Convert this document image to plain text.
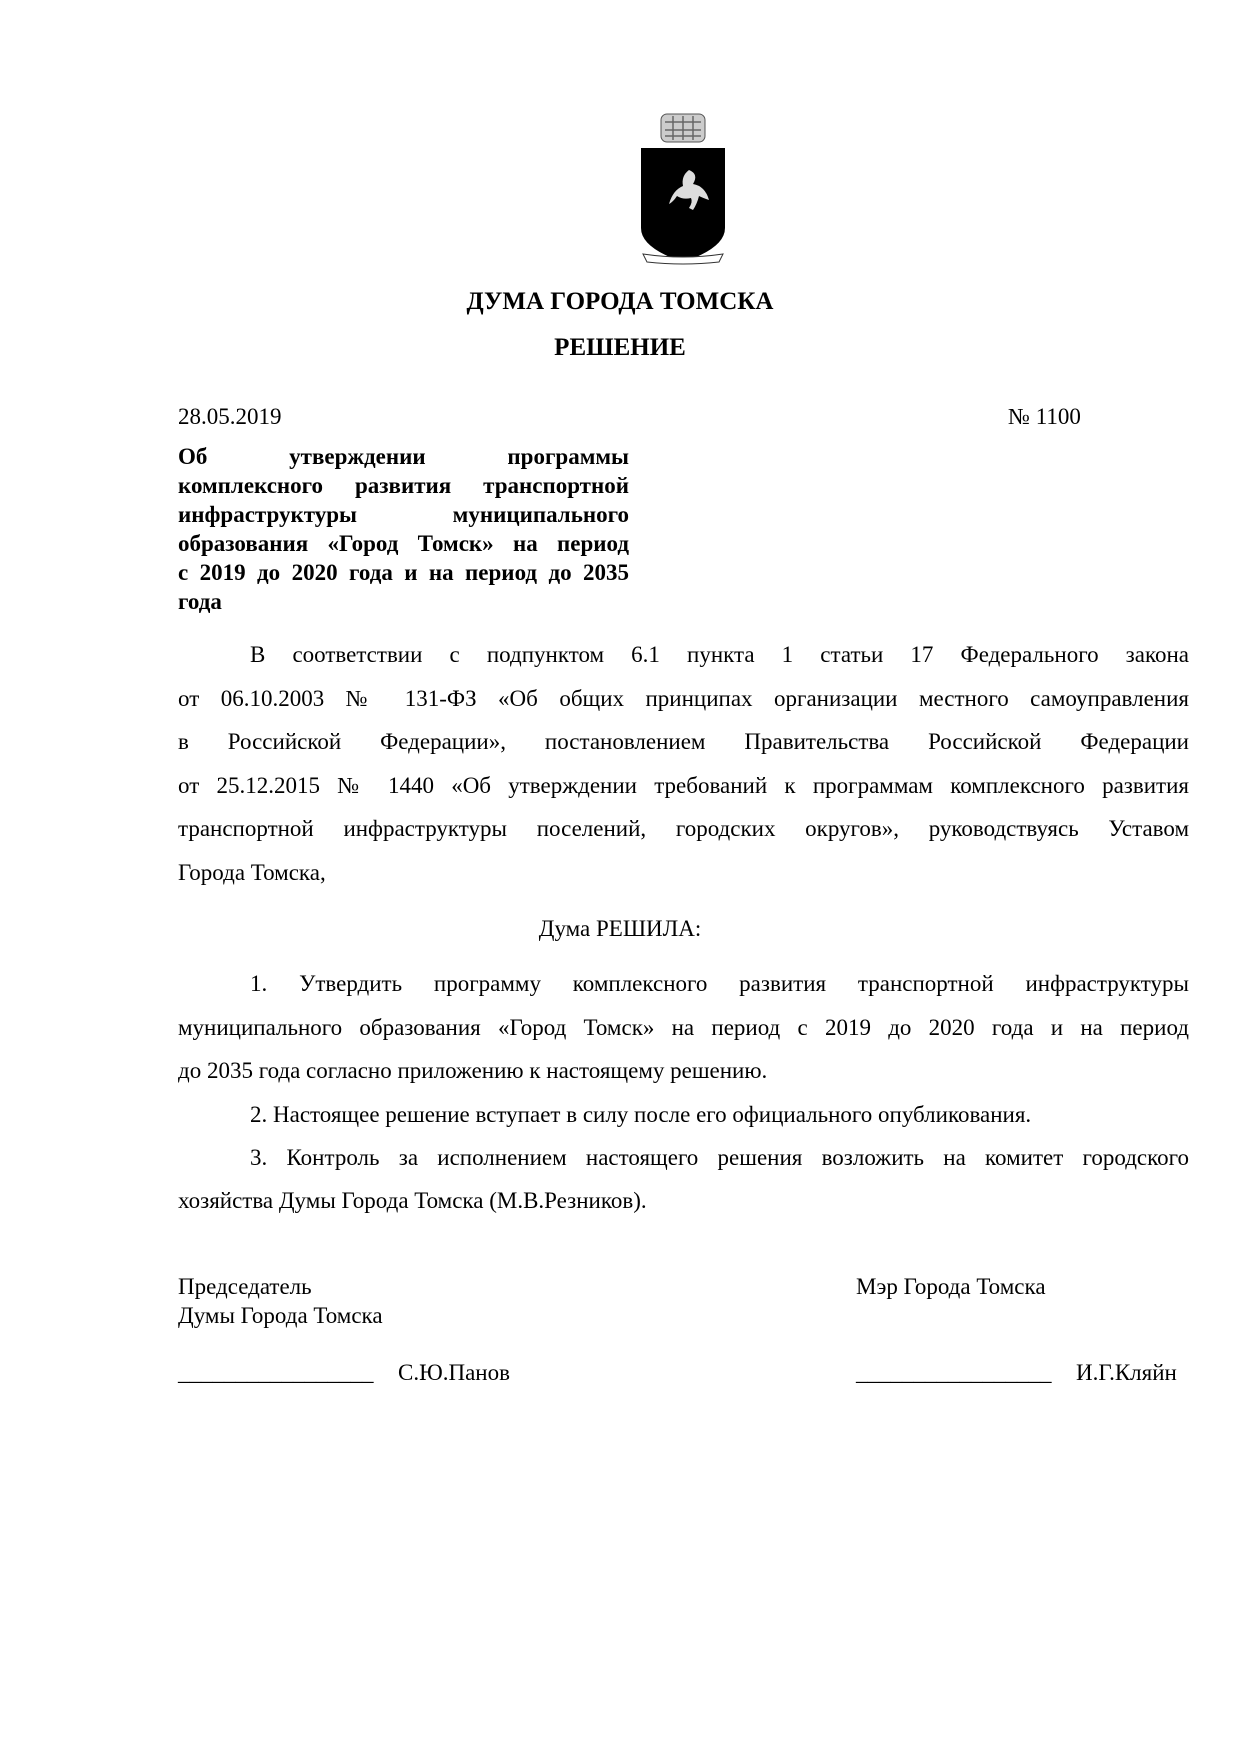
ДУМА ГОРОДА ТОМСКА
РЕШЕНИЕ
28.05.2019	№ 1100
Об утверждении программы
комплексного развития транспортной
инфраструктуры муниципального
образования «Город Томск» на период
с 2019 до 2020 года и на период до 2035
года
В соответствии с подпунктом 6.1 пункта 1 статьи 17 Федерального закона
от 06.10.2003 № 131-ФЗ «Об общих принципах организации местного самоуправления
в Российской Федерации», постановлением Правительства Российской Федерации
от 25.12.2015 № 1440 «Об утверждении требований к программам комплексного развития
транспортной инфраструктуры поселений, городских округов», руководствуясь Уставом
Города Томска,
Дума РЕШИЛА:
1. Утвердить программу комплексного развития транспортной инфраструктуры
муниципального образования «Город Томск» на период с 2019 до 2020 года и на период
до 2035 года согласно приложению к настоящему решению.
2. Настоящее решение вступает в силу после его официального опубликования.
3. Контроль за исполнением настоящего решения возложить на комитет городского
хозяйства Думы Города Томска (М.В.Резников).
Председатель
Думы Города Томска
_________________ С.Ю.Панов
Мэр Города Томска
_________________ И.Г.Кляйн
